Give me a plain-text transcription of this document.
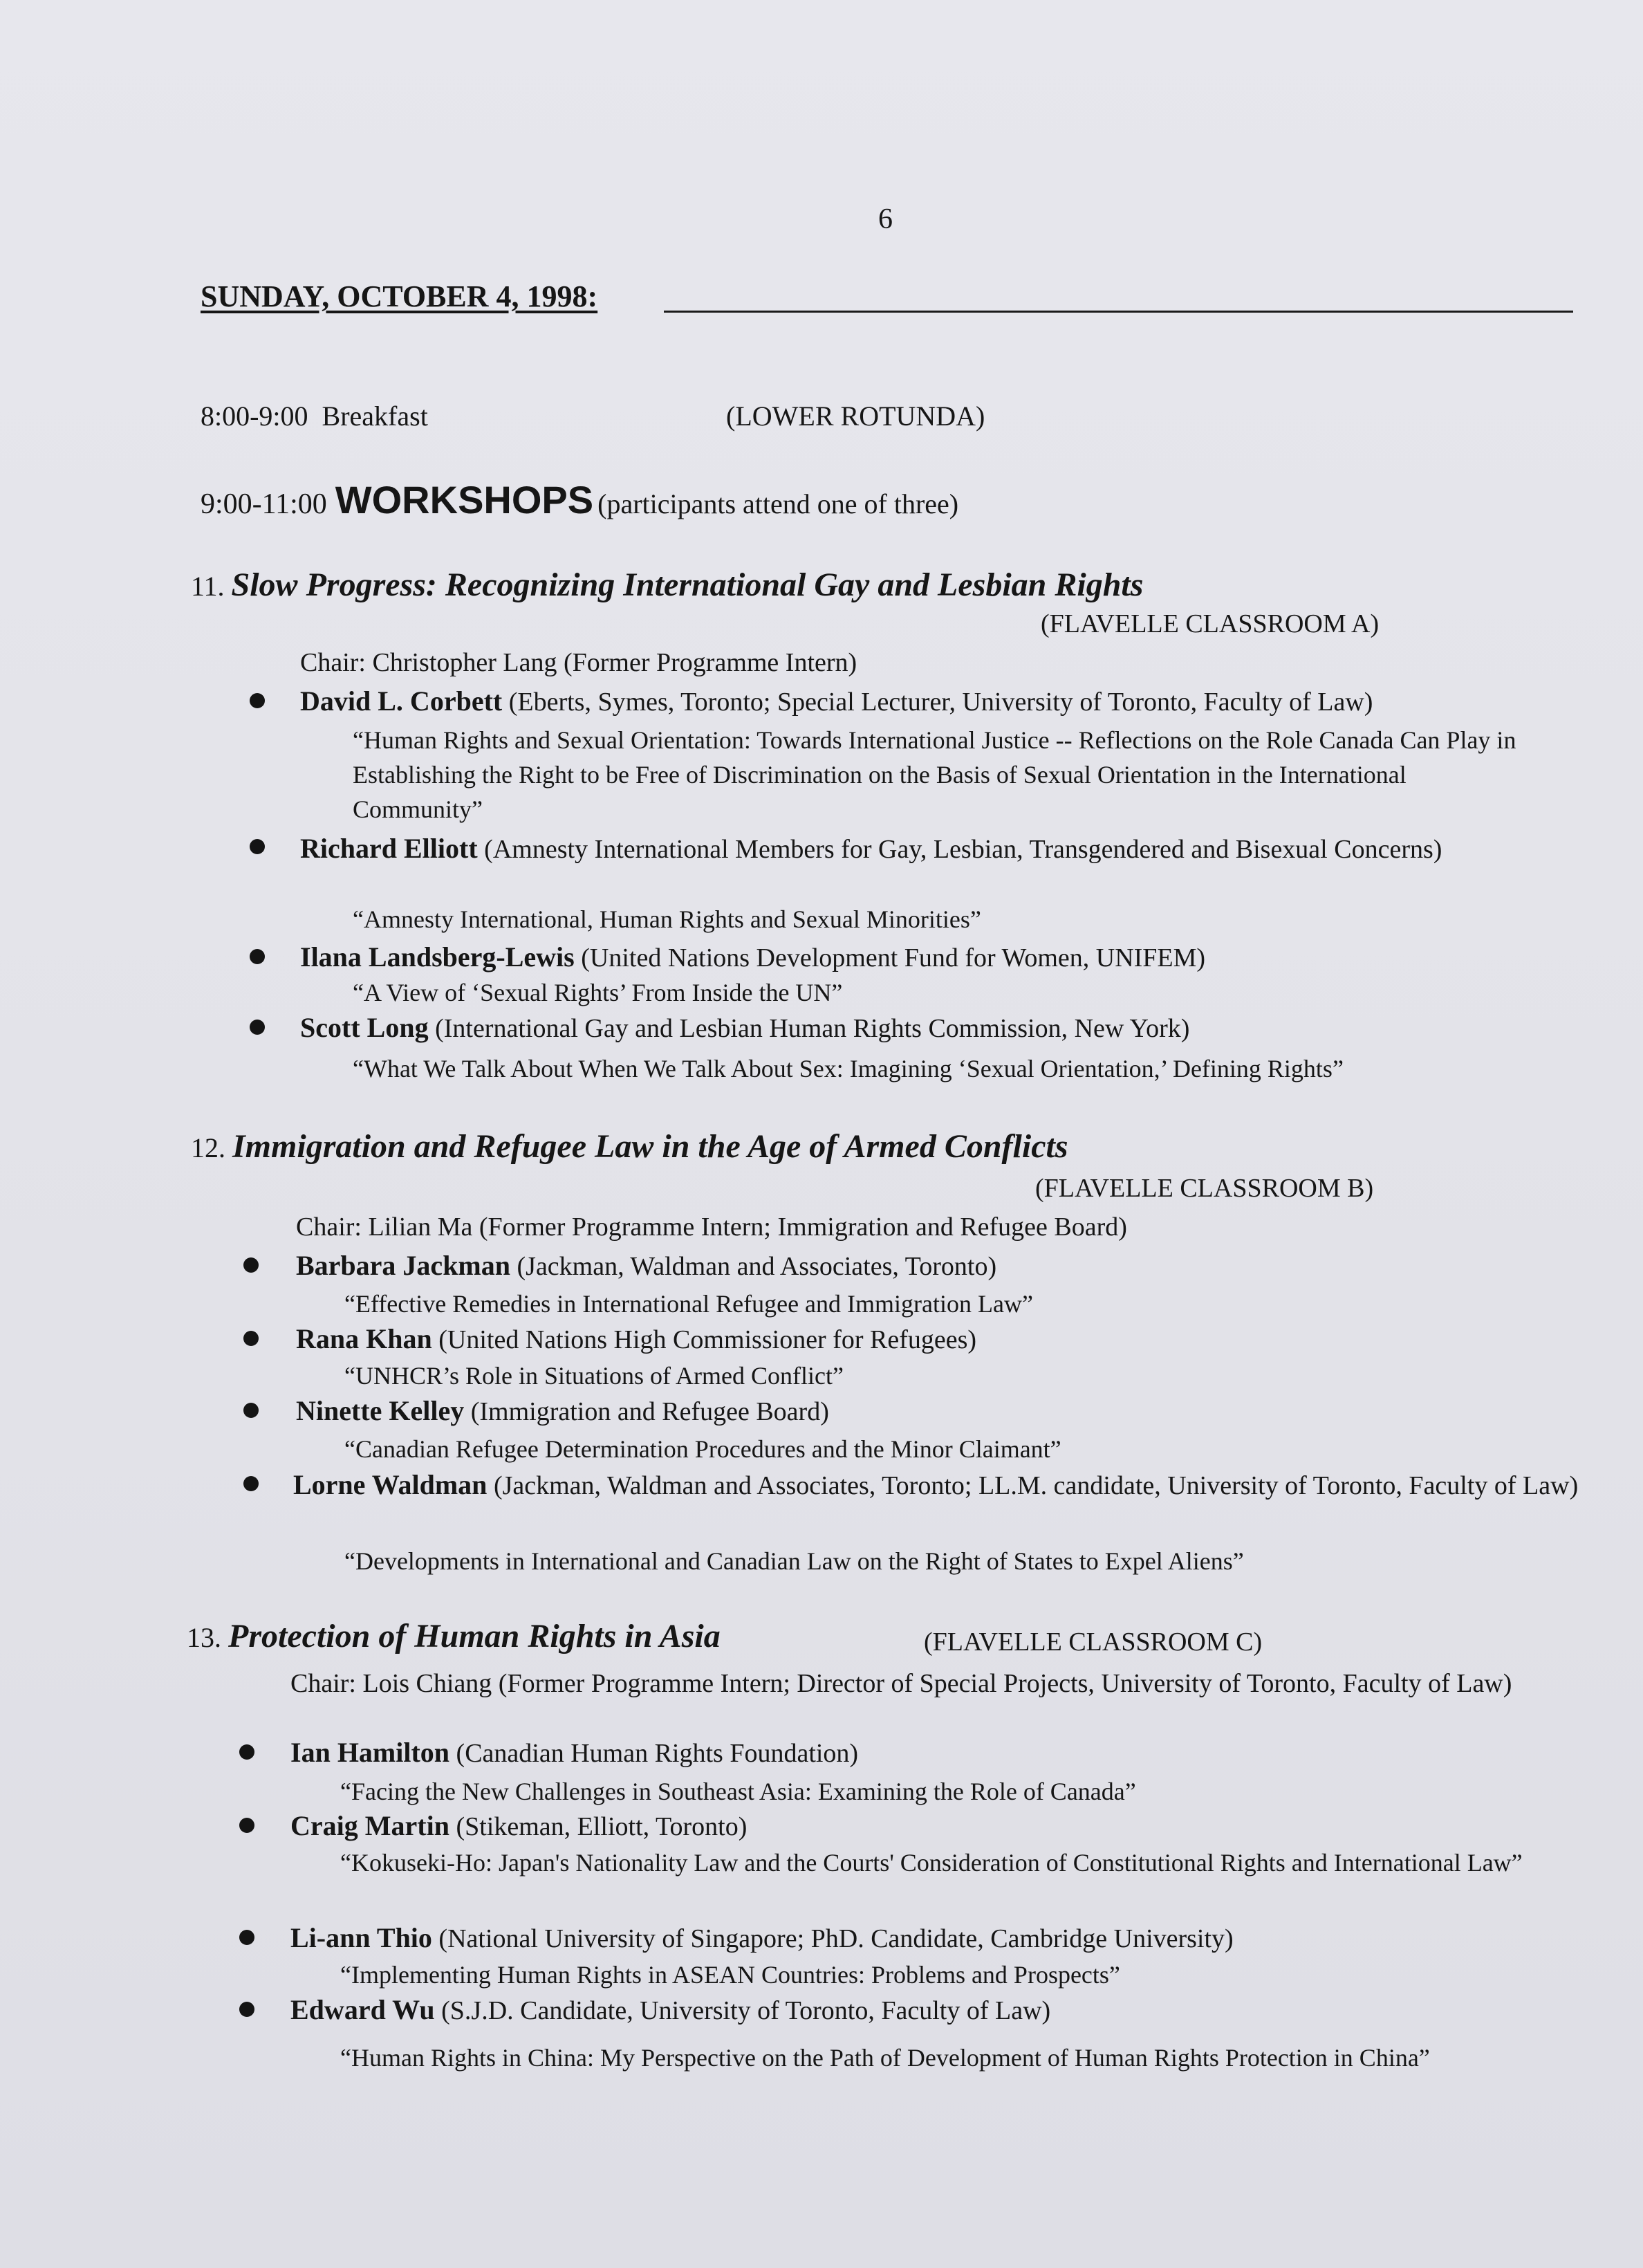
6
SUNDAY, OCTOBER 4, 1998:
8:00-9:00 Breakfast	(LOWER ROTUNDA)
9:00-11:00 WORKSHOPS (participants attend one of three)
11. Slow Progress: Recognizing International Gay and Lesbian Rights
(FLAVELLE CLASSROOM A)
Chair: Christopher Lang (Former Programme Intern)
David L. Corbett (Eberts, Symes, Toronto; Special Lecturer, University of Toronto, Faculty of Law)
“Human Rights and Sexual Orientation: Towards International Justice -- Reflections on the Role Canada Can Play in Establishing the Right to be Free of Discrimination on the Basis of Sexual Orientation in the International Community”
Richard Elliott (Amnesty International Members for Gay, Lesbian, Transgendered and Bisexual Concerns)
“Amnesty International, Human Rights and Sexual Minorities”
Ilana Landsberg-Lewis (United Nations Development Fund for Women, UNIFEM)
“A View of ‘Sexual Rights’ From Inside the UN”
Scott Long (International Gay and Lesbian Human Rights Commission, New York)
“What We Talk About When We Talk About Sex: Imagining ‘Sexual Orientation,’ Defining Rights”
12. Immigration and Refugee Law in the Age of Armed Conflicts
(FLAVELLE CLASSROOM B)
Chair: Lilian Ma (Former Programme Intern; Immigration and Refugee Board)
Barbara Jackman (Jackman, Waldman and Associates, Toronto)
“Effective Remedies in International Refugee and Immigration Law”
Rana Khan (United Nations High Commissioner for Refugees)
“UNHCR’s Role in Situations of Armed Conflict”
Ninette Kelley (Immigration and Refugee Board)
“Canadian Refugee Determination Procedures and the Minor Claimant”
Lorne Waldman (Jackman, Waldman and Associates, Toronto; LL.M. candidate, University of Toronto, Faculty of Law)
“Developments in International and Canadian Law on the Right of States to Expel Aliens”
13. Protection of Human Rights in Asia	(FLAVELLE CLASSROOM C)
Chair: Lois Chiang (Former Programme Intern; Director of Special Projects, University of Toronto, Faculty of Law)
Ian Hamilton (Canadian Human Rights Foundation)
“Facing the New Challenges in Southeast Asia: Examining the Role of Canada”
Craig Martin (Stikeman, Elliott, Toronto)
“Kokuseki-Ho: Japan's Nationality Law and the Courts' Consideration of Constitutional Rights and International Law”
Li-ann Thio (National University of Singapore; PhD. Candidate, Cambridge University)
“Implementing Human Rights in ASEAN Countries: Problems and Prospects”
Edward Wu (S.J.D. Candidate, University of Toronto, Faculty of Law)
“Human Rights in China: My Perspective on the Path of Development of Human Rights Protection in China”
